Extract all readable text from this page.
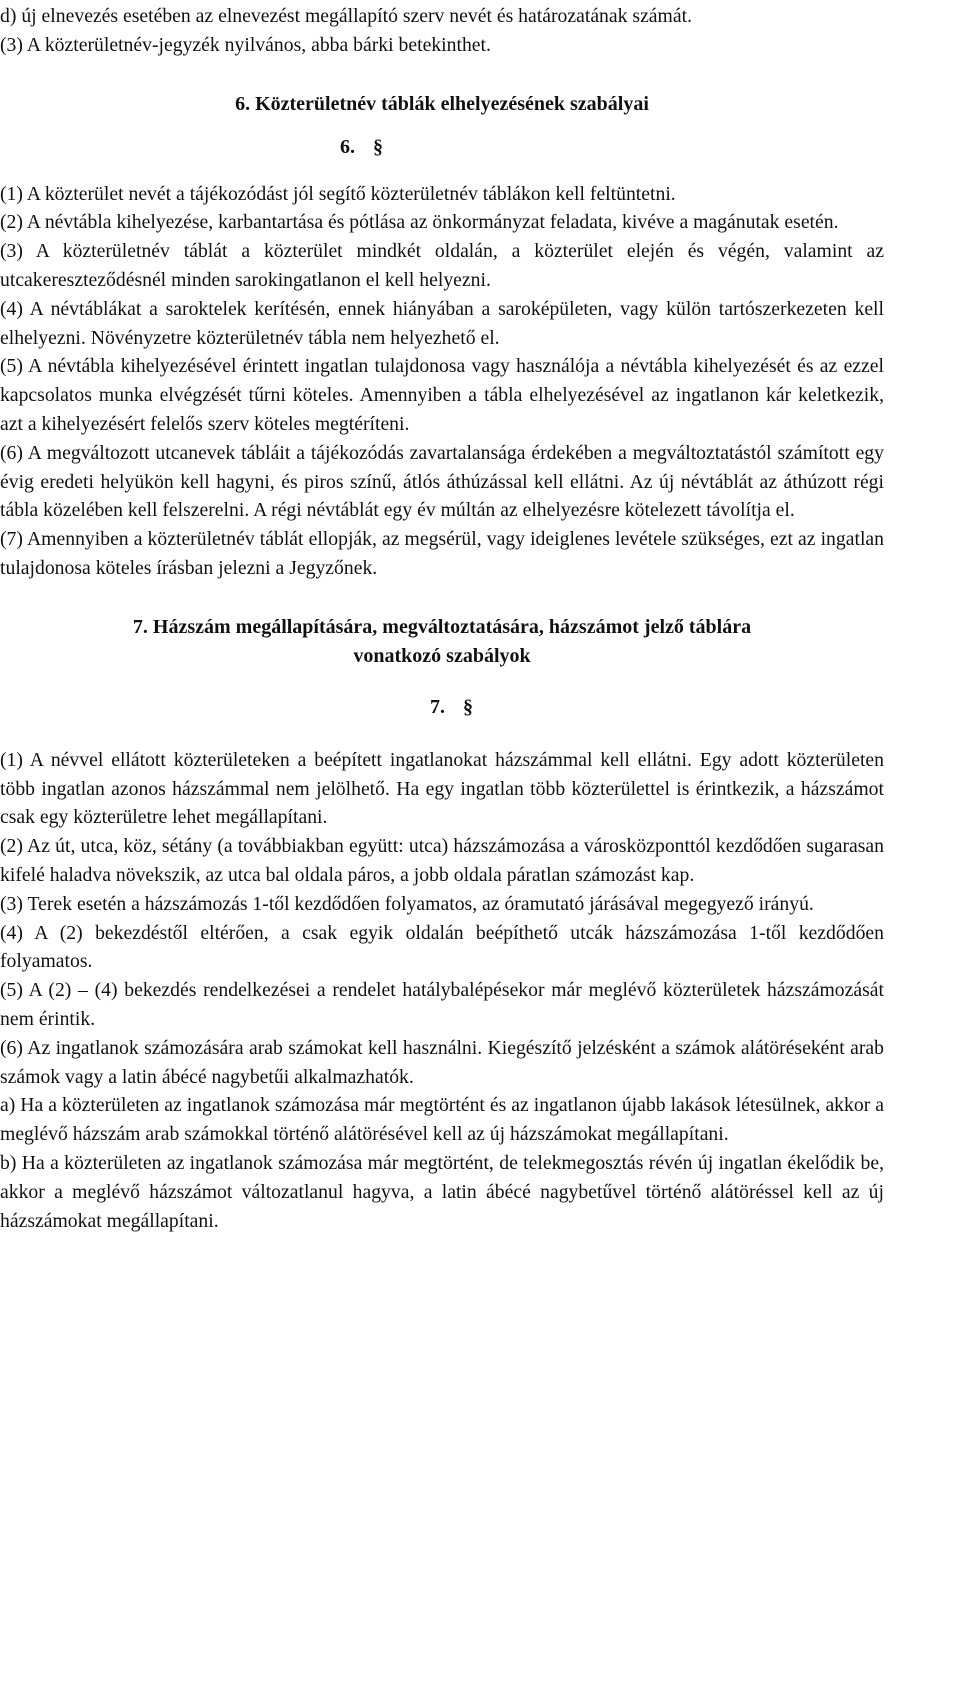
d) új elnevezés esetében az elnevezést megállapító szerv nevét és határozatának számát.

(3) A közterületnév-jegyzék nyilvános, abba bárki betekinthet.

6. Közterületnév táblák elhelyezésének szabályai
6. §

(1) A közterület nevét a tájékozódást jól segítő közterületnév táblákon kell feltüntetni.

(2) A névtábla kihelyezése, karbantartása és pótlása az önkormányzat feladata, kivéve a magánutak esetén.

(3) A közterületnév táblát a közterület mindkét oldalán, a közterület elején és végén, valamint az utcakereszteződésnél minden sarokingatlanon el kell helyezni.

(4) A névtáblákat a saroktelek kerítésén, ennek hiányában a saroképületen, vagy külön tartószerkezeten kell elhelyezni. Növényzetre közterületnév tábla nem helyezhető el.

(5) A névtábla kihelyezésével érintett ingatlan tulajdonosa vagy használója a névtábla kihelyezését és az ezzel kapcsolatos munka elvégzését tűrni köteles. Amennyiben a tábla elhelyezésével az ingatlanon kár keletkezik, azt a kihelyezésért felelős szerv köteles megtéríteni.

(6) A megváltozott utcanevek tábláit a tájékozódás zavartalansága érdekében a megváltoztatástól számított egy évig eredeti helyükön kell hagyni, és piros színű, átlós áthúzással kell ellátni. Az új névtáblát az áthúzott régi tábla közelében kell felszerelni. A régi névtáblát egy év múltán az elhelyezésre kötelezett távolítja el.

(7) Amennyiben a közterületnév táblát ellopják, az megsérül, vagy ideiglenes levétele szükséges, ezt az ingatlan tulajdonosa köteles írásban jelezni a Jegyzőnek.

7. Házszám megállapítására, megváltoztatására, házszámot jelző táblára
vonatkozó szabályok
7. §

(1) A névvel ellátott közterületeken a beépített ingatlanokat házszámmal kell ellátni. Egy adott közterületen több ingatlan azonos házszámmal nem jelölhető. Ha egy ingatlan több közterülettel is érintkezik, a házszámot csak egy közterületre lehet megállapítani.

(2) Az út, utca, köz, sétány (a továbbiakban együtt: utca) házszámozása a városközponttól kezdődően sugarasan kifelé haladva növekszik, az utca bal oldala páros, a jobb oldala páratlan számozást kap.

(3) Terek esetén a házszámozás 1-től kezdődően folyamatos, az óramutató járásával megegyező irányú.

(4) A (2) bekezdéstől eltérően, a csak egyik oldalán beépíthető utcák házszámozása 1-től kezdődően folyamatos.

(5) A (2) – (4) bekezdés rendelkezései a rendelet hatálybalépésekor már meglévő közterületek házszámozását nem érintik.

(6) Az ingatlanok számozására arab számokat kell használni. Kiegészítő jelzésként a számok alátöréseként arab számok vagy a latin ábécé nagybetűi alkalmazhatók.

a) Ha a közterületen az ingatlanok számozása már megtörtént és az ingatlanon újabb lakások létesülnek, akkor a meglévő házszám arab számokkal történő alátörésével kell az új házszámokat megállapítani.

b) Ha a közterületen az ingatlanok számozása már megtörtént, de telekmegosztás révén új ingatlan ékelődik be, akkor a meglévő házszámot változatlanul hagyva, a latin ábécé nagybetűvel történő alátöréssel kell az új házszámokat megállapítani.
